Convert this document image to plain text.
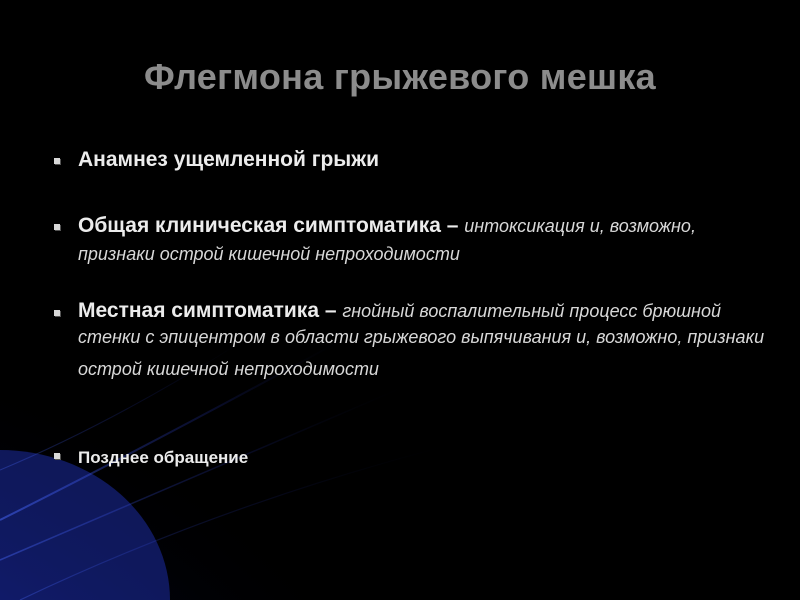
Флегмона грыжевого мешка
Анамнез ущемленной грыжи
Общая клиническая симптоматика – интоксикация и, возможно, признаки острой кишечной непроходимости
Местная симптоматика – гнойный воспалительный процесс брюшной стенки с эпицентром в области грыжевого выпячивания и, возможно, признаки острой кишечной непроходимости
Позднее обращение
